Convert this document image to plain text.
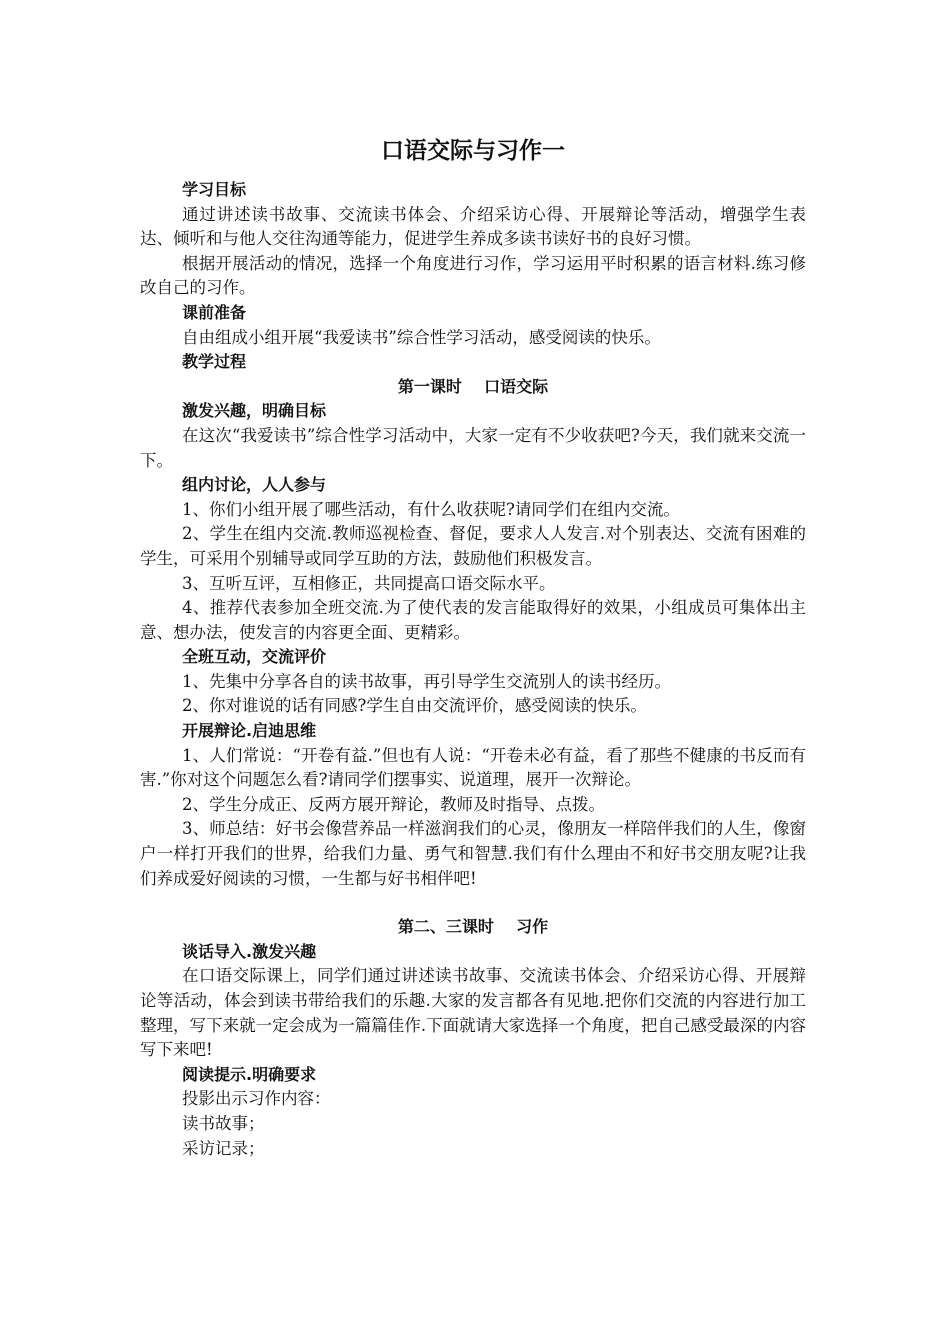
口语交际与习作一
学习目标
通过讲述读书故事、交流读书体会、介绍采访心得、开展辩论等活动，增强学生表达、倾听和与他人交往沟通等能力，促进学生养成多读书读好书的良好习惯。
根据开展活动的情况，选择一个角度进行习作，学习运用平时积累的语言材料.练习修改自己的习作。
课前准备
自由组成小组开展“我爱读书”综合性学习活动，感受阅读的快乐。
教学过程
第一课时    口语交际
激发兴趣，明确目标
在这次“我爱读书”综合性学习活动中，大家一定有不少收获吧?今天，我们就来交流一下。
组内讨论，人人参与
1、你们小组开展了哪些活动，有什么收获呢?请同学们在组内交流。
2、学生在组内交流.教师巡视检查、督促，要求人人发言.对个别表达、交流有困难的学生，可采用个别辅导或同学互助的方法，鼓励他们积极发言。
3、互听互评，互相修正，共同提高口语交际水平。
4、推荐代表参加全班交流.为了使代表的发言能取得好的效果，小组成员可集体出主意、想办法，使发言的内容更全面、更精彩。
全班互动，交流评价
1、先集中分享各自的读书故事，再引导学生交流别人的读书经历。
2、你对谁说的话有同感?学生自由交流评价，感受阅读的快乐。
开展辩论.启迪思维
1、人们常说：“开卷有益.”但也有人说：“开卷未必有益，看了那些不健康的书反而有害.”你对这个问题怎么看?请同学们摆事实、说道理，展开一次辩论。
2、学生分成正、反两方展开辩论，教师及时指导、点拨。
3、师总结：好书会像营养品一样滋润我们的心灵，像朋友一样陪伴我们的人生，像窗户一样打开我们的世界，给我们力量、勇气和智慧.我们有什么理由不和好书交朋友呢?让我们养成爱好阅读的习惯，一生都与好书相伴吧!
第二、三课时    习作
谈话导入.激发兴趣
在口语交际课上，同学们通过讲述读书故事、交流读书体会、介绍采访心得、开展辩论等活动，体会到读书带给我们的乐趣.大家的发言都各有见地.把你们交流的内容进行加工整理，写下来就一定会成为一篇篇佳作.下面就请大家选择一个角度，把自己感受最深的内容写下来吧!
阅读提示.明确要求
投影出示习作内容：
读书故事；
采访记录；
